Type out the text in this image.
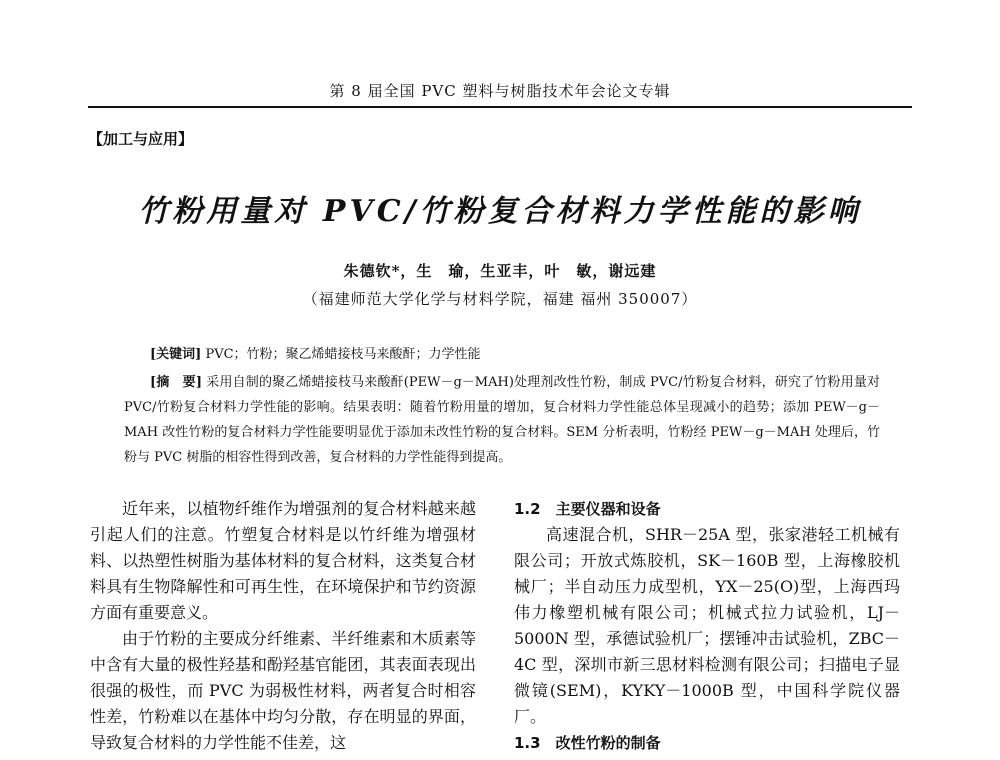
第 8 届全国 PVC 塑料与树脂技术年会论文专辑
【加工与应用】
竹粉用量对 PVC/竹粉复合材料力学性能的影响
朱德钦*，生　瑜，生亚丰，叶　敏，谢远建
（福建师范大学化学与材料学院，福建 福州 350007）
[关键词] PVC；竹粉；聚乙烯蜡接枝马来酸酐；力学性能
[摘　要] 采用自制的聚乙烯蜡接枝马来酸酐(PEW－g－MAH)处理剂改性竹粉，制成 PVC/竹粉复合材料，研究了竹粉用量对 PVC/竹粉复合材料力学性能的影响。结果表明：随着竹粉用量的增加，复合材料力学性能总体呈现减小的趋势；添加 PEW－g－MAH 改性竹粉的复合材料力学性能要明显优于添加未改性竹粉的复合材料。SEM 分析表明，竹粉经 PEW－g－MAH 处理后，竹粉与 PVC 树脂的相容性得到改善，复合材料的力学性能得到提高。

近年来，以植物纤维作为增强剂的复合材料越来越引起人们的注意。竹塑复合材料是以竹纤维为增强材料、以热塑性树脂为基体材料的复合材料，这类复合材料具有生物降解性和可再生性，在环境保护和节约资源方面有重要意义。

由于竹粉的主要成分纤维素、半纤维素和木质素等中含有大量的极性羟基和酚羟基官能团，其表面表现出很强的极性，而 PVC 为弱极性材料，两者复合时相容性差，竹粉难以在基体中均匀分散，存在明显的界面，导致复合材料的力学性能不佳差，这

1.2　主要仪器和设备

高速混合机，SHR－25A 型，张家港轻工机械有限公司；开放式炼胶机，SK－160B 型，上海橡胶机械厂；半自动压力成型机，YX－25(O)型，上海西玛伟力橡塑机械有限公司；机械式拉力试验机，LJ－5000N 型，承德试验机厂；摆锤冲击试验机，ZBC－4C 型，深圳市新三思材料检测有限公司；扫描电子显微镜(SEM)，KYKY－1000B 型，中国科学院仪器厂。

1.3　改性竹粉的制备
